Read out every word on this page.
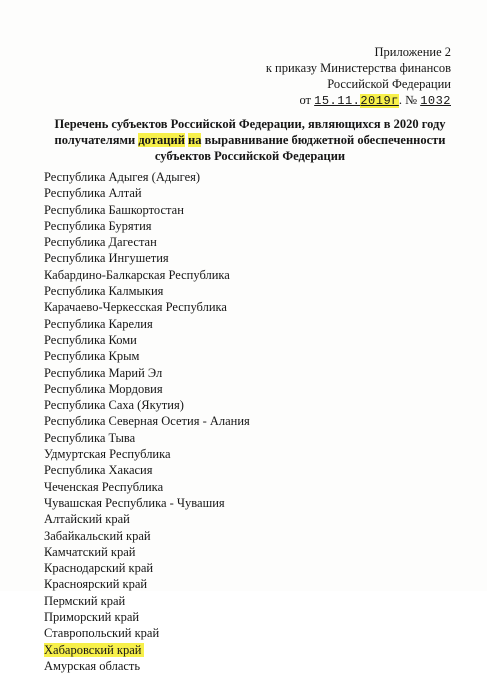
Приложение 2
к приказу Министерства финансов
Российской Федерации
от 15.11.2019г. № 1032
Перечень субъектов Российской Федерации, являющихся в 2020 году
получателями дотаций на выравнивание бюджетной обеспеченности
субъектов Российской Федерации
Республика Адыгея (Адыгея)
Республика Алтай
Республика Башкортостан
Республика Бурятия
Республика Дагестан
Республика Ингушетия
Кабардино-Балкарская Республика
Республика Калмыкия
Карачаево-Черкесская Республика
Республика Карелия
Республика Коми
Республика Крым
Республика Марий Эл
Республика Мордовия
Республика Саха (Якутия)
Республика Северная Осетия - Алания
Республика Тыва
Удмуртская Республика
Республика Хакасия
Чеченская Республика
Чувашская Республика - Чувашия
Алтайский край
Забайкальский край
Камчатский край
Краснодарский край
Красноярский край
Пермский край
Приморский край
Ставропольский край
Хабаровский край
Амурская область
